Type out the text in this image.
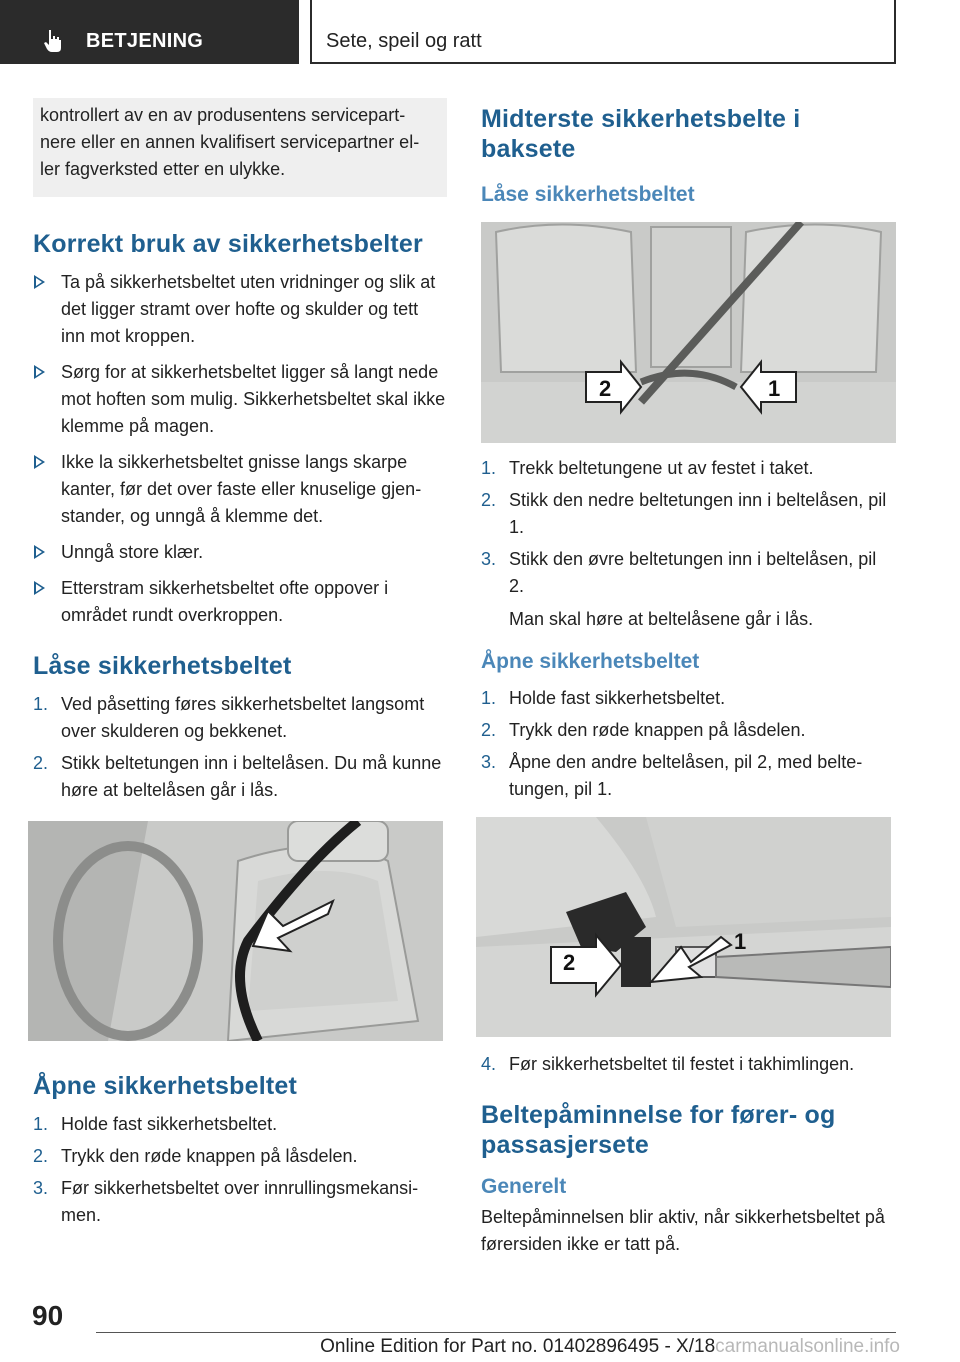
BETJENING	Sete, speil og ratt
kontrollert av en av produsentens servicepartnere eller en annen kvalifisert servicepartner eller fagverksted etter en ulykke.
Korrekt bruk av sikkerhetsbelter
Ta på sikkerhetsbeltet uten vridninger og slik at det ligger stramt over hofte og skulder og tett inn mot kroppen.
Sørg for at sikkerhetsbeltet ligger så langt nede mot hoften som mulig. Sikkerhetsbeltet skal ikke klemme på magen.
Ikke la sikkerhetsbeltet gnisse langs skarpe kanter, før det over faste eller knuselige gjenstander, og unngå å klemme det.
Unngå store klær.
Etterstram sikkerhetsbeltet ofte oppover i området rundt overkroppen.
Låse sikkerhetsbeltet
1. Ved påsetting føres sikkerhetsbeltet langsomt over skulderen og bekkenet.
2. Stikk beltetungen inn i beltelåsen. Du må kunne høre at beltelåsen går i lås.
Åpne sikkerhetsbeltet
1. Holde fast sikkerhetsbeltet.
2. Trykk den røde knappen på låsdelen.
3. Før sikkerhetsbeltet over innrullingsmekansimen.
Midterste sikkerhetsbelte i baksete
Låse sikkerhetsbeltet
2	1
1. Trekk beltetungene ut av festet i taket.
2. Stikk den nedre beltetungen inn i beltelåsen, pil 1.
3. Stikk den øvre beltetungen inn i beltelåsen, pil 2.
Man skal høre at beltelåsene går i lås.
Åpne sikkerhetsbeltet
1. Holde fast sikkerhetsbeltet.
2. Trykk den røde knappen på låsdelen.
3. Åpne den andre beltelåsen, pil 2, med beltetungen, pil 1.
2
1
4. Før sikkerhetsbeltet til festet i takhimlingen.
Beltepåminnelse for fører- og passasjersete
Generelt

Beltepåminnelsen blir aktiv, når sikkerhetsbeltet på førersiden ikke er tatt på.

90
Online Edition for Part no. 01402896495 - X/18carmanualsonline.info
